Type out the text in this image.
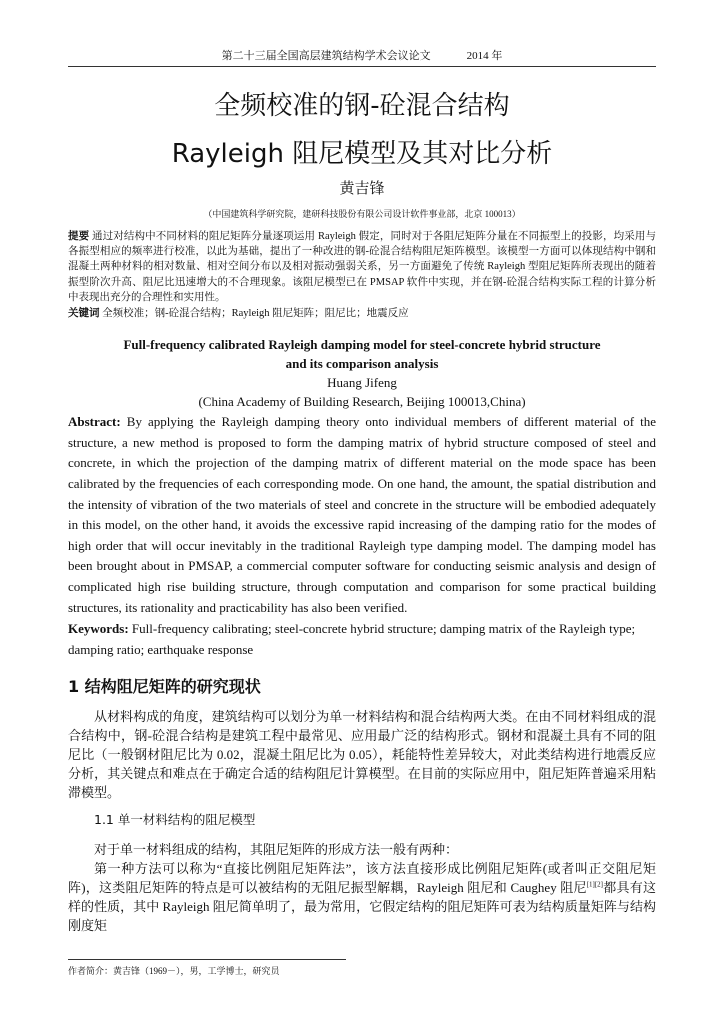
第二十三届全国高层建筑结构学术会议论文	2014 年
全频校准的钢-砼混合结构
Rayleigh 阻尼模型及其对比分析
黄吉锋
（中国建筑科学研究院，建研科技股份有限公司设计软件事业部，北京 100013）
提要 通过对结构中不同材料的阻尼矩阵分量逐项运用 Rayleigh 假定，同时对于各阻尼矩阵分量在不同振型上的投影，均采用与各振型相应的频率进行校准，以此为基础，提出了一种改进的钢-砼混合结构阻尼矩阵模型。该模型一方面可以体现结构中钢和混凝土两种材料的相对数量、相对空间分布以及相对振动强弱关系，另一方面避免了传统 Rayleigh 型阻尼矩阵所表现出的随着振型阶次升高、阻尼比迅速增大的不合理现象。该阻尼模型已在 PMSAP 软件中实现，并在钢-砼混合结构实际工程的计算分析中表现出充分的合理性和实用性。
关键词 全频校准；钢-砼混合结构；Rayleigh 阻尼矩阵；阻尼比；地震反应
Full-frequency calibrated Rayleigh damping model for steel-concrete hybrid structure
and its comparison analysis
Huang Jifeng
(China Academy of Building Research, Beijing 100013,China)
Abstract: By applying the Rayleigh damping theory onto individual members of different material of the structure, a new method is proposed to form the damping matrix of hybrid structure composed of steel and concrete, in which the projection of the damping matrix of different material on the mode space has been calibrated by the frequencies of each corresponding mode. On one hand, the amount, the spatial distribution and the intensity of vibration of the two materials of steel and concrete in the structure will be embodied adequately in this model, on the other hand, it avoids the excessive rapid increasing of the damping ratio for the modes of high order that will occur inevitably in the traditional Rayleigh type damping model. The damping model has been brought about in PMSAP, a commercial computer software for conducting seismic analysis and design of complicated high rise building structure, through computation and comparison for some practical building structures, its rationality and practicability has also been verified.
Keywords: Full-frequency calibrating; steel-concrete hybrid structure; damping matrix of the Rayleigh type; damping ratio; earthquake response
1 结构阻尼矩阵的研究现状
从材料构成的角度，建筑结构可以划分为单一材料结构和混合结构两大类。在由不同材料组成的混合结构中，钢-砼混合结构是建筑工程中最常见、应用最广泛的结构形式。钢材和混凝土具有不同的阻尼比（一般钢材阻尼比为 0.02，混凝土阻尼比为 0.05），耗能特性差异较大，对此类结构进行地震反应分析，其关键点和难点在于确定合适的结构阻尼计算模型。在目前的实际应用中，阻尼矩阵普遍采用粘滞模型。
1.1 单一材料结构的阻尼模型
对于单一材料组成的结构，其阻尼矩阵的形成方法一般有两种：
第一种方法可以称为“直接比例阻尼矩阵法”，该方法直接形成比例阻尼矩阵(或者叫正交阻尼矩阵)，这类阻尼矩阵的特点是可以被结构的无阻尼振型解耦，Rayleigh 阻尼和 Caughey 阻尼[1][2]都具有这样的性质，其中 Rayleigh 阻尼简单明了，最为常用，它假定结构的阻尼矩阵可表为结构质量矩阵与结构刚度矩
作者简介：黄吉锋（1969－），男，工学博士，研究员
